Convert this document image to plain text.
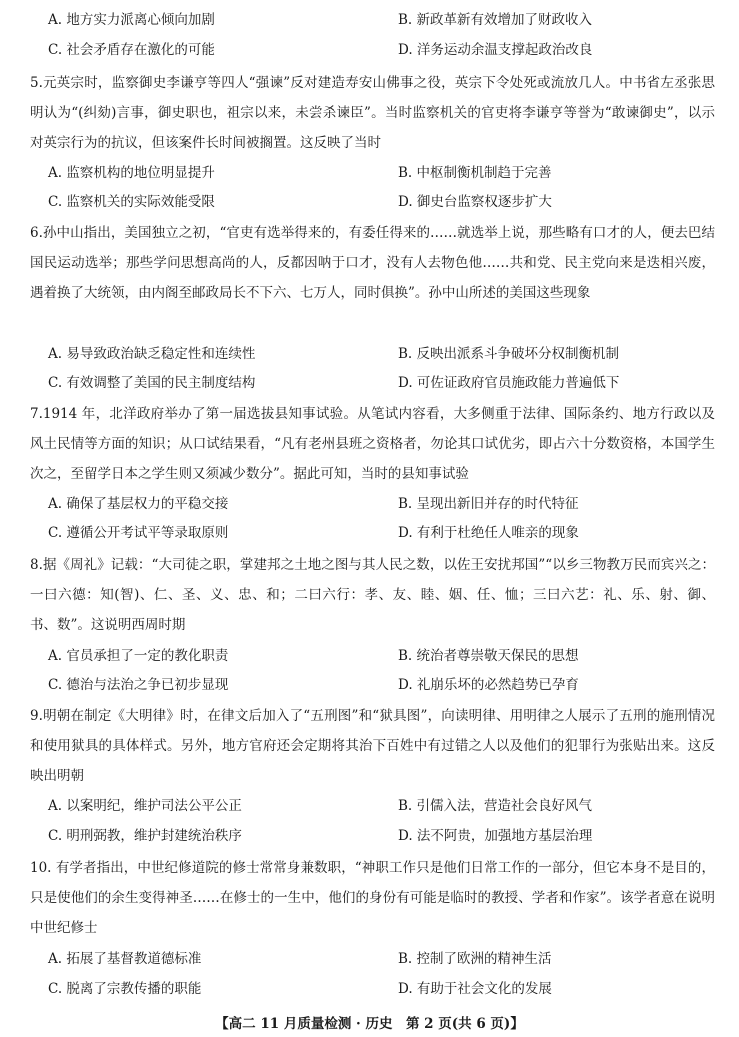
A. 地方实力派离心倾向加剧	B. 新政革新有效增加了财政收入
C. 社会矛盾存在激化的可能	D. 洋务运动余温支撑起政治改良
5.元英宗时，监察御史李谦亨等四人“强谏”反对建造寿安山佛事之役，英宗下令处死或流放几人。中书省左丞张思明认为“(纠劾)言事，御史职也，祖宗以来，未尝杀谏臣”。当时监察机关的官吏将李谦亨等誉为“敢谏御史”，以示对英宗行为的抗议，但该案件长时间被搁置。这反映了当时
A. 监察机构的地位明显提升	B. 中枢制衡机制趋于完善
C. 监察机关的实际效能受限	D. 御史台监察权逐步扩大
6.孙中山指出，美国独立之初，“官吏有选举得来的，有委任得来的……就选举上说，那些略有口才的人，便去巴结国民运动选举；那些学问思想高尚的人，反都因呐于口才，没有人去物色他……共和党、民主党向来是迭相兴废，遇着换了大统领，由内阁至邮政局长不下六、七万人，同时俱换”。孙中山所述的美国这些现象
A. 易导致政治缺乏稳定性和连续性	B. 反映出派系斗争破坏分权制衡机制
C. 有效调整了美国的民主制度结构	D. 可佐证政府官员施政能力普遍低下
7.1914 年，北洋政府举办了第一届选拔县知事试验。从笔试内容看，大多侧重于法律、国际条约、地方行政以及风土民情等方面的知识；从口试结果看，“凡有老州县班之资格者，勿论其口试优劣，即占六十分数资格，本国学生次之，至留学日本之学生则又须减少数分”。据此可知，当时的县知事试验
A. 确保了基层权力的平稳交接	B. 呈现出新旧并存的时代特征
C. 遵循公开考试平等录取原则	D. 有利于杜绝任人唯亲的现象
8.据《周礼》记载：“大司徒之职，掌建邦之土地之图与其人民之数，以佐王安扰邦国”“以乡三物教万民而宾兴之：一曰六德：知(智)、仁、圣、义、忠、和；二曰六行：孝、友、睦、姻、任、恤；三曰六艺：礼、乐、射、御、书、数”。这说明西周时期
A. 官员承担了一定的教化职责	B. 统治者尊崇敬天保民的思想
C. 德治与法治之争已初步显现	D. 礼崩乐坏的必然趋势已孕育
9.明朝在制定《大明律》时，在律文后加入了“五刑图”和“狱具图”，向读明律、用明律之人展示了五刑的施刑情况和使用狱具的具体样式。另外，地方官府还会定期将其治下百姓中有过错之人以及他们的犯罪行为张贴出来。这反映出明朝
A. 以案明纪，维护司法公平公正	B. 引儒入法，营造社会良好风气
C. 明刑弼教，维护封建统治秩序	D. 法不阿贵，加强地方基层治理
10. 有学者指出，中世纪修道院的修士常常身兼数职，“神职工作只是他们日常工作的一部分，但它本身不是目的，只是使他们的余生变得神圣……在修士的一生中，他们的身份有可能是临时的教授、学者和作家”。该学者意在说明中世纪修士
A. 拓展了基督教道德标准	B. 控制了欧洲的精神生活
C. 脱离了宗教传播的职能	D. 有助于社会文化的发展
【高二 11 月质量检测 · 历史　第 2 页(共 6 页)】
